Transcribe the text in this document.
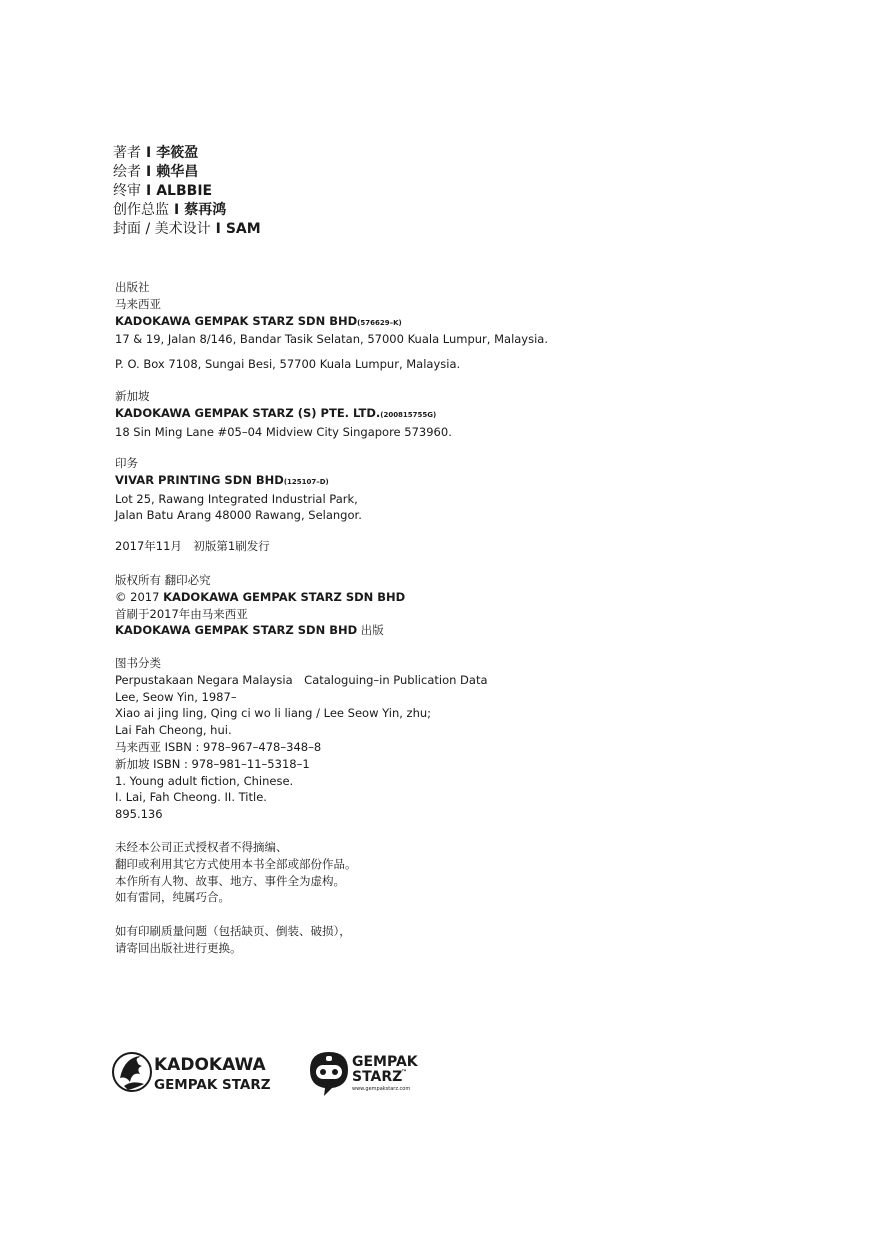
著者 I 李筱盈
绘者 I 赖华昌
终审 I ALBBIE
创作总监 I 蔡再鸿
封面 / 美术设计 I SAM
出版社
马来西亚
KADOKAWA GEMPAK STARZ SDN BHD(576629–K)
17 & 19, Jalan 8/146, Bandar Tasik Selatan, 57000 Kuala Lumpur, Malaysia.
P. O. Box 7108, Sungai Besi, 57700 Kuala Lumpur, Malaysia.
新加坡
KADOKAWA GEMPAK STARZ (S) PTE. LTD.(200815755G)
18 Sin Ming Lane #05–04 Midview City Singapore 573960.
印务
VIVAR PRINTING SDN BHD(125107–D)
Lot 25, Rawang Integrated Industrial Park,
Jalan Batu Arang 48000 Rawang, Selangor.
2017年11月　初版第1刷发行
版权所有 翻印必究
© 2017 KADOKAWA GEMPAK STARZ SDN BHD
首刷于2017年由马来西亚
KADOKAWA GEMPAK STARZ SDN BHD 出版
图书分类
Perpustakaan Negara Malaysia　Cataloguing–in Publication Data
Lee, Seow Yin, 1987–
Xiao ai jing ling, Qing ci wo li liang / Lee Seow Yin, zhu;
Lai Fah Cheong, hui.
马来西亚 ISBN : 978–967–478–348–8
新加坡 ISBN : 978–981–11–5318–1
1. Young adult fiction, Chinese.
I. Lai, Fah Cheong. II. Title.
895.136
未经本公司正式授权者不得摘编、
翻印或利用其它方式使用本书全部或部份作品。
本作所有人物、故事、地方、事件全为虚构。
如有雷同，纯属巧合。
如有印刷质量问题（包括缺页、倒装、破损），
请寄回出版社进行更换。
KADOKAWA
GEMPAK STARZ
GEMPAK
STARZ
™
www.gempakstarz.com
